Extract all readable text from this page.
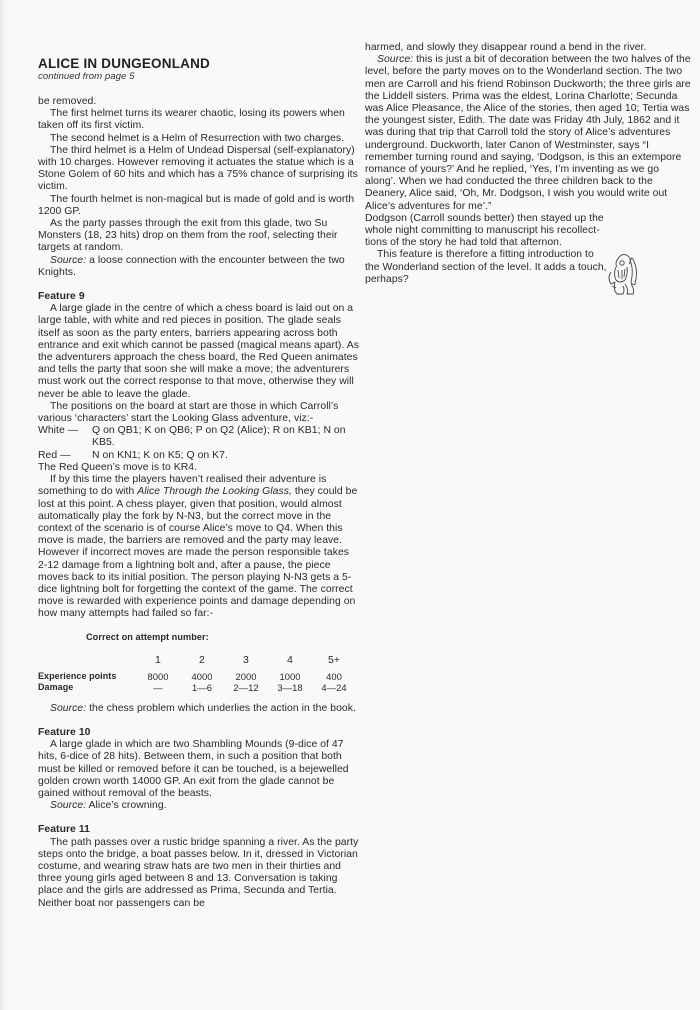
ALICE IN DUNGEONLAND
continued from page 5

be removed.

The first helmet turns its wearer chaotic, losing its powers when taken off its first victim.

The second helmet is a Helm of Resurrection with two charges.

The third helmet is a Helm of Undead Dispersal (self-explanatory) with 10 charges. However removing it actuates the statue which is a Stone Golem of 60 hits and which has a 75% chance of surprising its victim.

The fourth helmet is non-magical but is made of gold and is worth 1200 GP.

As the party passes through the exit from this glade, two Su Monsters (18, 23 hits) drop on them from the roof, selecting their targets at random.

Source: a loose connection with the encounter between the two Knights.

Feature 9

A large glade in the centre of which a chess board is laid out on a large table, with white and red pieces in position. The glade seals itself as soon as the party enters, barriers appearing across both entrance and exit which cannot be passed (magical means apart). As the adventurers approach the chess board, the Red Queen animates and tells the party that soon she will make a move; the adventurers must work out the correct response to that move, otherwise they will never be able to leave the glade.

The positions on the board at start are those in which Carroll’s various ‘characters’ start the Looking Glass adventure, viz:-

White —	Q on QB1; K on QB6; P on Q2 (Alice); R on KB1; N on KB5.
Red —	N on KN1; K on K5; Q on K7.

The Red Queen’s move is to KR4.

If by this time the players haven’t realised their adventure is something to do with Alice Through the Looking Glass, they could be lost at this point. A chess player, given that position, would almost automatically play the fork by N-N3, but the correct move in the context of the scenario is of course Alice’s move to Q4. When this move is made, the barriers are removed and the party may leave. However if incorrect moves are made the person responsible takes 2-12 damage from a lightning bolt and, after a pause, the piece moves back to its initial position. The person playing N-N3 gets a 5-dice lightning bolt for forgetting the context of the game. The correct move is rewarded with experience points and damage depending on how many attempts had failed so far:-

Correct on attempt number:
	1	2	3	4	5+
Experience points	8000	4000	2000	1000	400
Damage	—	1—6	2—12	3—18	4—24

Source: the chess problem which underlies the action in the book.

Feature 10

A large glade in which are two Shambling Mounds (9-dice of 47 hits, 6-dice of 28 hits). Between them, in such a position that both must be killed or removed before it can be touched, is a bejewelled golden crown worth 14000 GP. An exit from the glade cannot be gained without removal of the beasts.

Source: Alice’s crowning.

Feature 11

The path passes over a rustic bridge spanning a river. As the party steps onto the bridge, a boat passes below. In it, dressed in Victorian costume, and wearing straw hats are two men in their thirties and three young girls aged between 8 and 13. Conversation is taking place and the girls are addressed as Prima, Secunda and Tertia. Neither boat nor passengers can be

harmed, and slowly they disappear round a bend in the river.

Source: this is just a bit of decoration between the two halves of the level, before the party moves on to the Wonderland section. The two men are Carroll and his friend Robinson Duckworth; the three girls are the Liddell sisters. Prima was the eldest, Lorina Charlotte; Secunda was Alice Pleasance, the Alice of the stories, then aged 10; Tertia was the youngest sister, Edith. The date was Friday 4th July, 1862 and it was during that trip that Carroll told the story of Alice’s adventures underground. Duckworth, later Canon of Westminster, says “I remember turning round and saying, ‘Dodgson, is this an extempore romance of yours?’ And he replied, ‘Yes, I’m inventing as we go along’. When we had conducted the three children back to the Deanery, Alice said, ‘Oh, Mr. Dodgson, I wish you would write out Alice’s adventures for me’.”

Dodgson (Carroll sounds better) then stayed up the
whole night committing to manuscript his recollect-
tions of the story he had told that afternon.
This feature is therefore a fitting introduction to
the Wonderland section of the level. It adds a touch,
perhaps?
